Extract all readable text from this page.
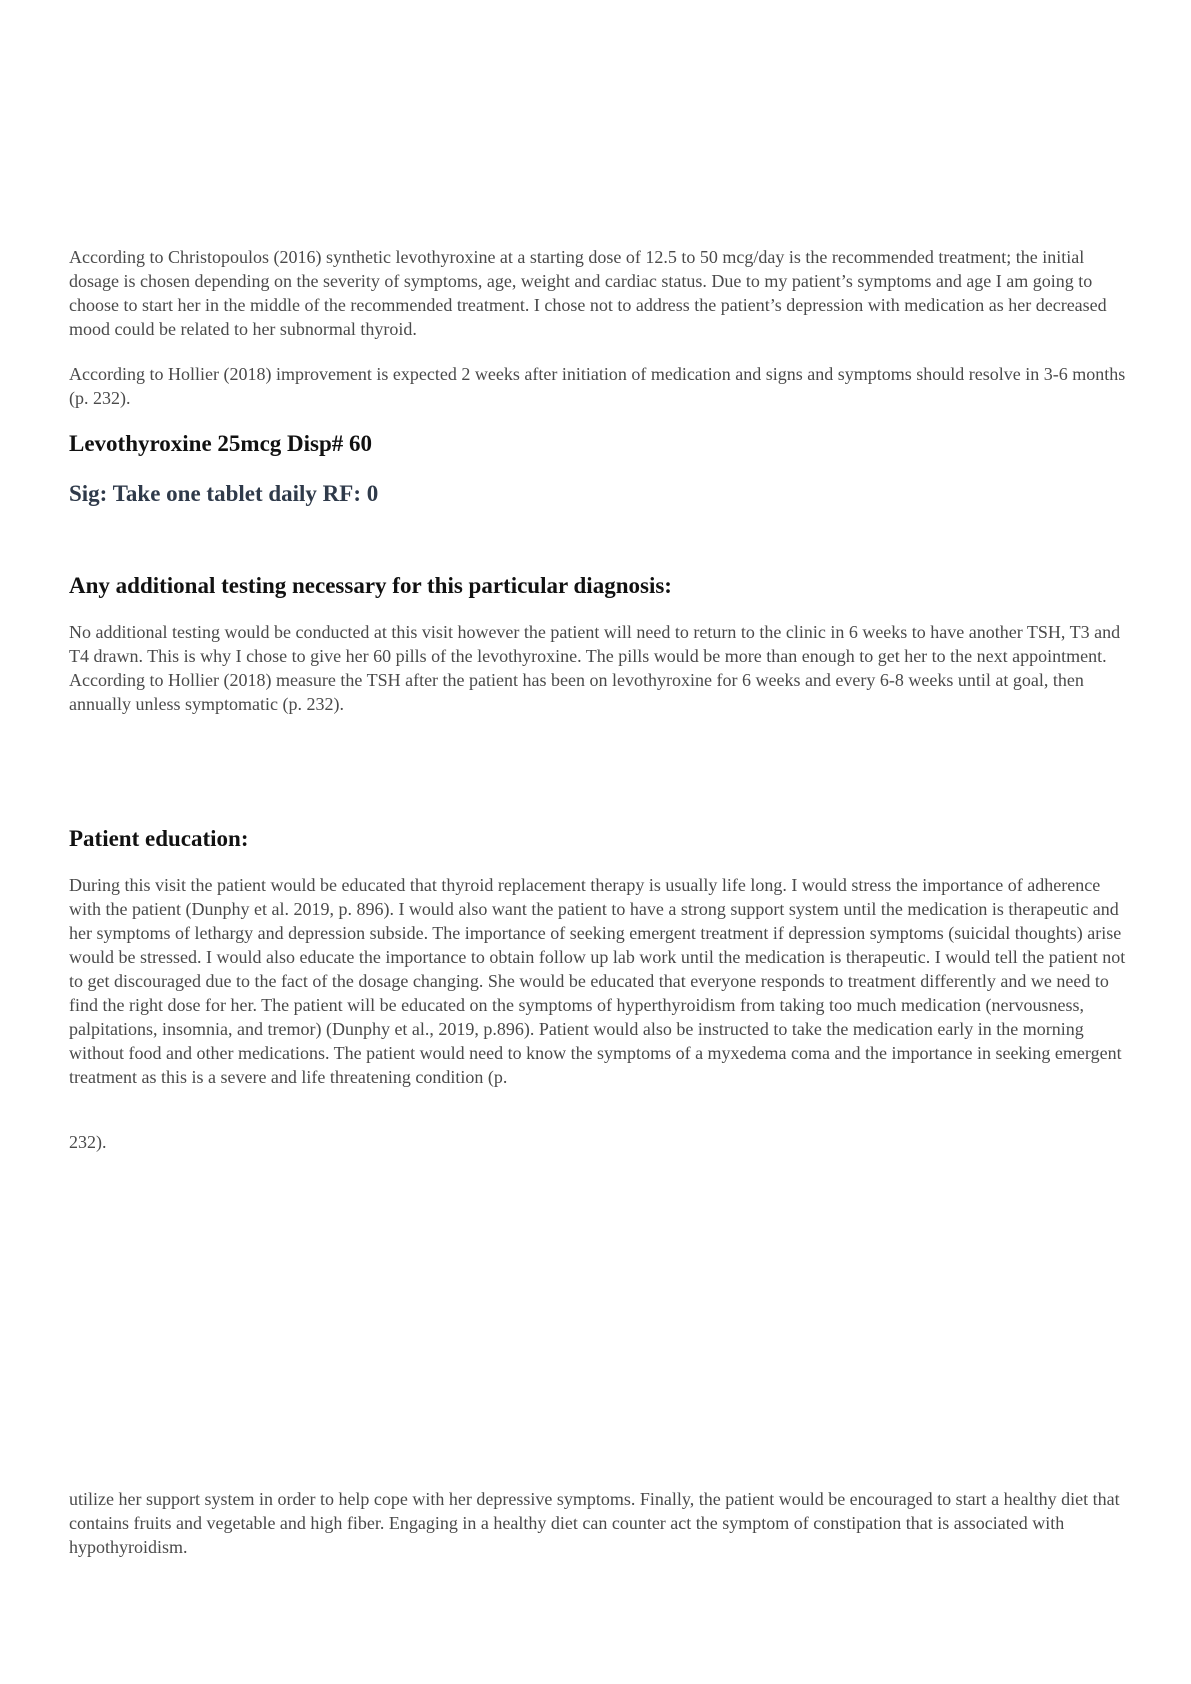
According to Christopoulos (2016) synthetic levothyroxine at a starting dose of 12.5 to 50 mcg/day is the recommended treatment; the initial dosage is chosen depending on the severity of symptoms, age, weight and cardiac status. Due to my patient’s symptoms and age I am going to choose to start her in the middle of the recommended treatment. I chose not to address the patient’s depression with medication as her decreased mood could be related to her subnormal thyroid.

According to Hollier (2018) improvement is expected 2 weeks after initiation of medication and signs and symptoms should resolve in 3-6 months (p. 232).

Levothyroxine 25mcg Disp# 60

Sig: Take one tablet daily RF: 0

Any additional testing necessary for this particular diagnosis:

No additional testing would be conducted at this visit however the patient will need to return to the clinic in 6 weeks to have another TSH, T3 and T4 drawn. This is why I chose to give her 60 pills of the levothyroxine. The pills would be more than enough to get her to the next appointment. According to Hollier (2018) measure the TSH after the patient has been on levothyroxine for 6 weeks and every 6-8 weeks until at goal, then annually unless symptomatic (p. 232).

Patient education:

During this visit the patient would be educated that thyroid replacement therapy is usually life long. I would stress the importance of adherence with the patient (Dunphy et al. 2019, p. 896). I would also want the patient to have a strong support system until the medication is therapeutic and her symptoms of lethargy and depression subside. The importance of seeking emergent treatment if depression symptoms (suicidal thoughts) arise would be stressed. I would also educate the importance to obtain follow up lab work until the medication is therapeutic. I would tell the patient not to get discouraged due to the fact of the dosage changing. She would be educated that everyone responds to treatment differently and we need to find the right dose for her. The patient will be educated on the symptoms of hyperthyroidism from taking too much medication (nervousness, palpitations, insomnia, and tremor) (Dunphy et al., 2019, p.896). Patient would also be instructed to take the medication early in the morning without food and other medications. The patient would need to know the symptoms of a myxedema coma and the importance in seeking emergent treatment as this is a severe and life threatening condition (p.

232).

utilize her support system in order to help cope with her depressive symptoms. Finally, the patient would be encouraged to start a healthy diet that contains fruits and vegetable and high fiber. Engaging in a healthy diet can counter act the symptom of constipation that is associated with hypothyroidism.
